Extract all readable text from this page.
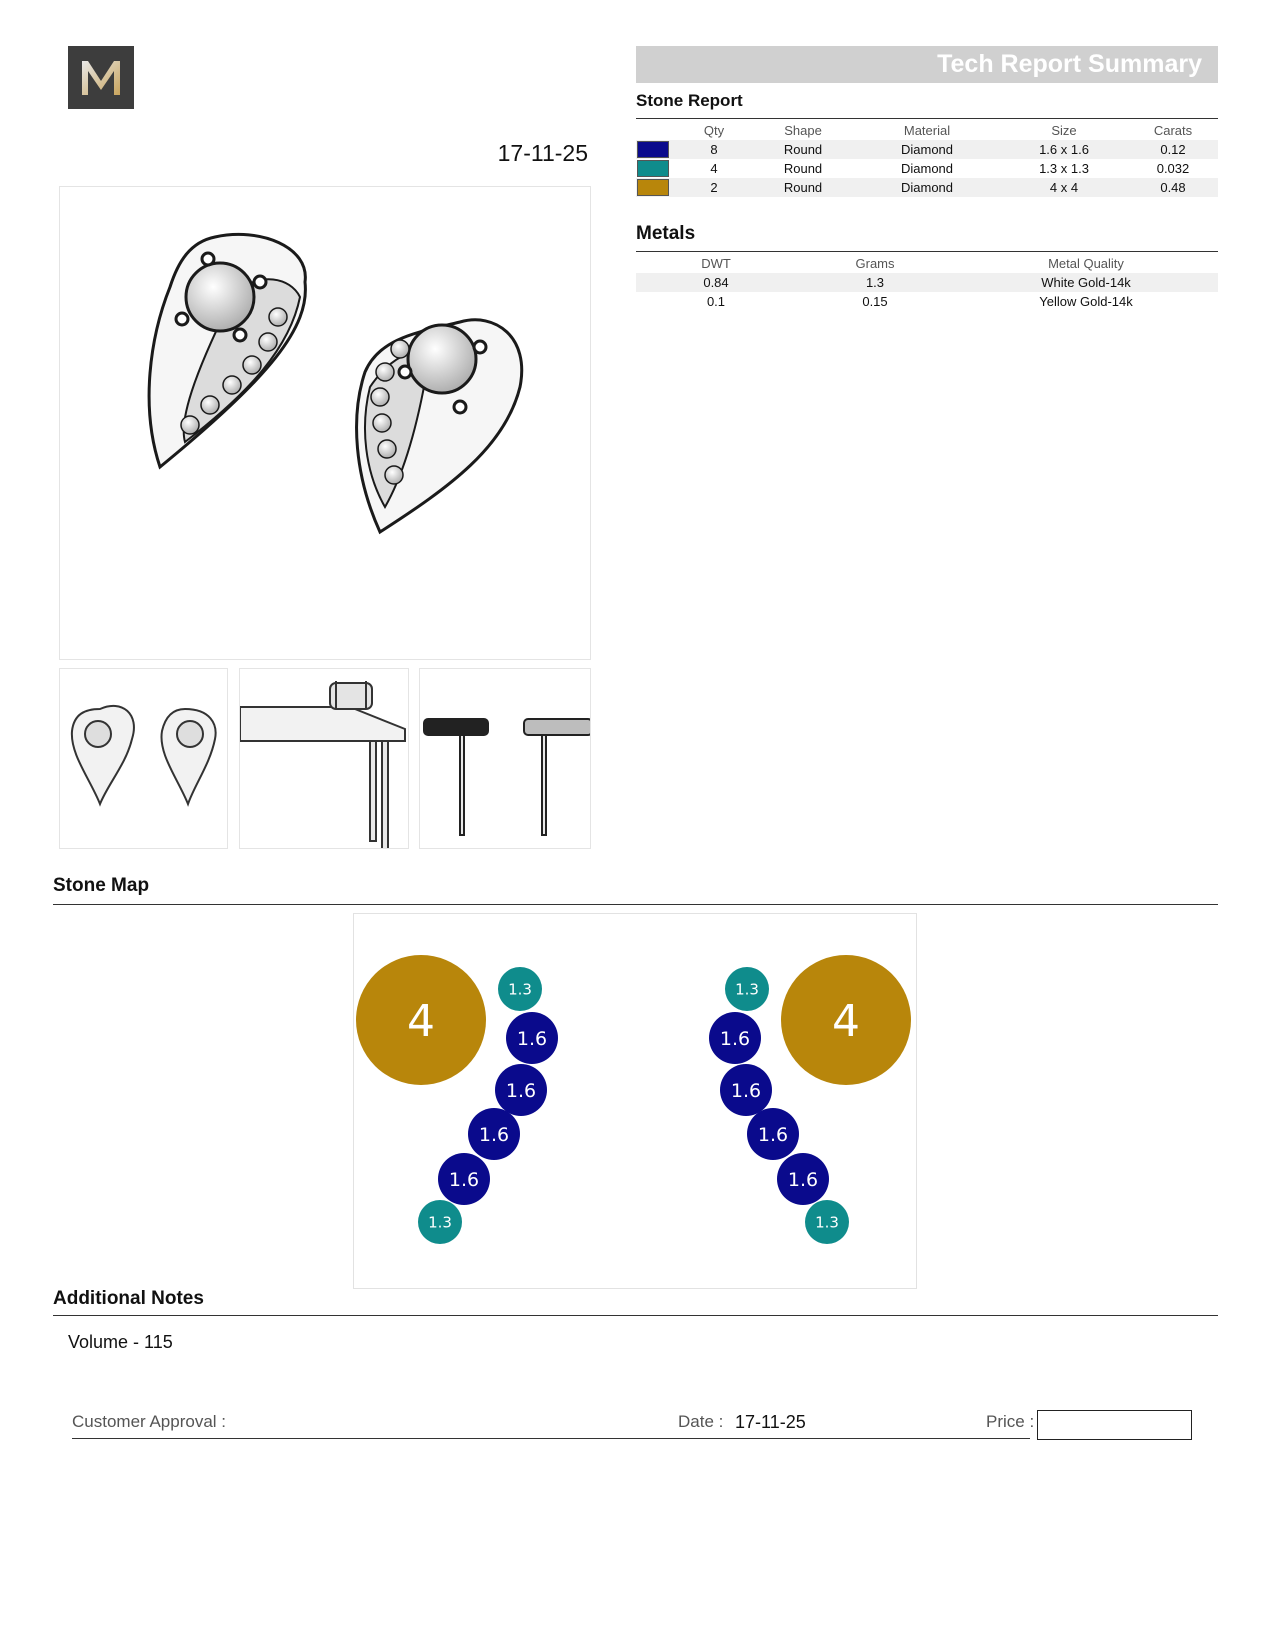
Tech Report Summary
Stone Report
	Qty	Shape	Material	Size	Carats
	8	Round	Diamond	1.6 x 1.6	0.12
	4	Round	Diamond	1.3 x 1.3	0.032
	2	Round	Diamond	4 x 4	0.48
Metals
DWT	Grams	Metal Quality
0.84	1.3	White Gold-14k
0.1	0.15	Yellow Gold-14k
17-11-25
Stone Map
4
1.3
1.6
1.6
1.6
1.6
1.3
4
1.3
1.6
1.6
1.6
1.6
1.3
Additional Notes
Volume - 115
Customer Approval :	Date : 17-11-25	Price :
